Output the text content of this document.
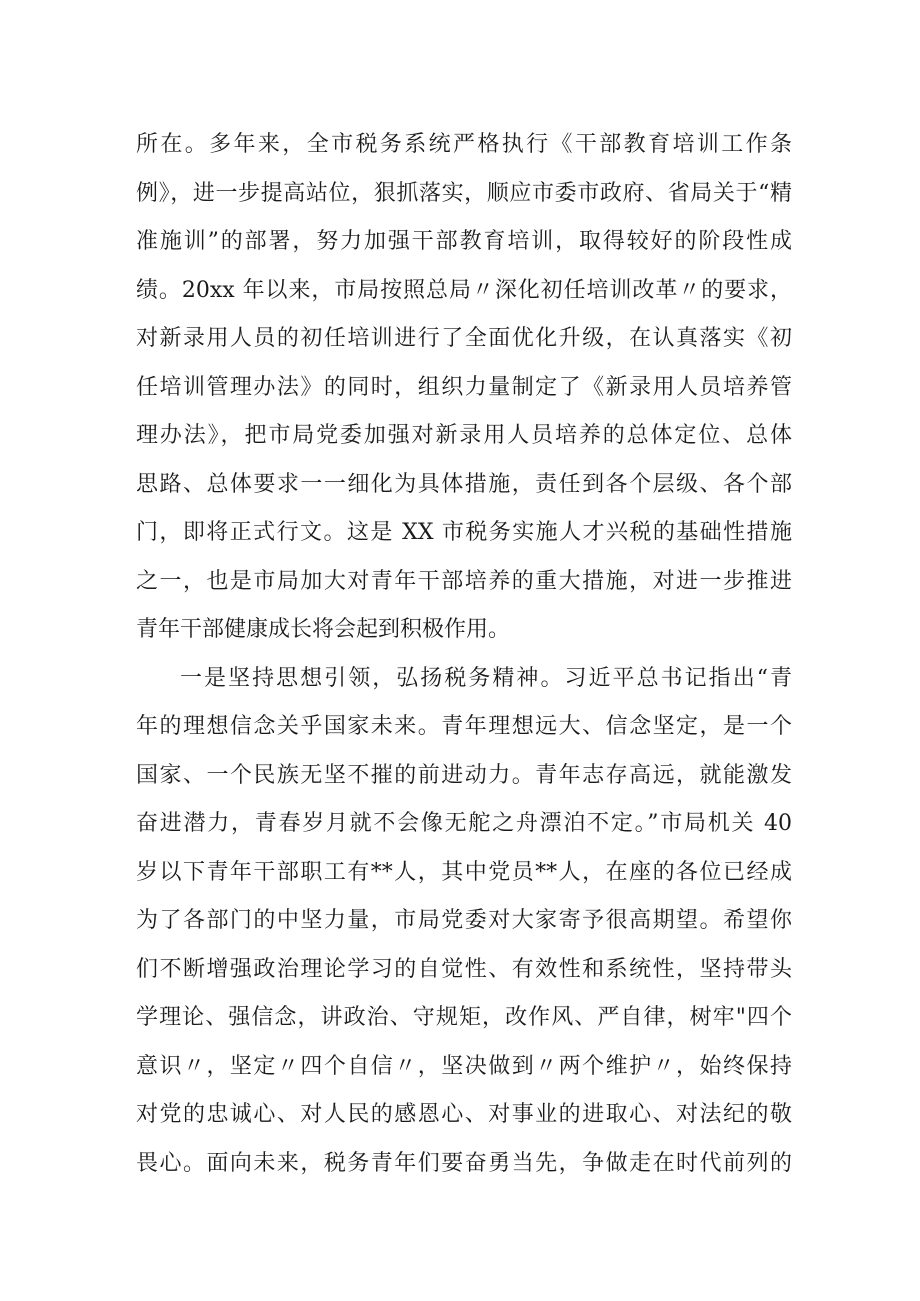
所在。多年来，全市税务系统严格执行《干部教育培训工作条
例》，进一步提高站位，狠抓落实，顺应市委市政府、省局关于“精
准施训”的部署，努力加强干部教育培训，取得较好的阶段性成
绩。20xx 年以来，市局按照总局〃深化初任培训改革〃的要求，
对新录用人员的初任培训进行了全面优化升级，在认真落实《初
任培训管理办法》的同时，组织力量制定了《新录用人员培养管
理办法》，把市局党委加强对新录用人员培养的总体定位、总体
思路、总体要求一一细化为具体措施，责任到各个层级、各个部
门，即将正式行文。这是 XX 市税务实施人才兴税的基础性措施
之一，也是市局加大对青年干部培养的重大措施，对进一步推进
青年干部健康成长将会起到积极作用。
一是坚持思想引领，弘扬税务精神。习近平总书记指出“青
年的理想信念关乎国家未来。青年理想远大、信念坚定，是一个
国家、一个民族无坚不摧的前进动力。青年志存高远，就能激发
奋进潜力，青春岁月就不会像无舵之舟漂泊不定。”市局机关 40
岁以下青年干部职工有**人，其中党员**人，在座的各位已经成
为了各部门的中坚力量，市局党委对大家寄予很高期望。希望你
们不断增强政治理论学习的自觉性、有效性和系统性，坚持带头
学理论、强信念，讲政治、守规矩，改作风、严自律，树牢"四个
意识〃，坚定〃四个自信〃，坚决做到〃两个维护〃，始终保持
对党的忠诚心、对人民的感恩心、对事业的进取心、对法纪的敬
畏心。面向未来，税务青年们要奋勇当先，争做走在时代前列的
